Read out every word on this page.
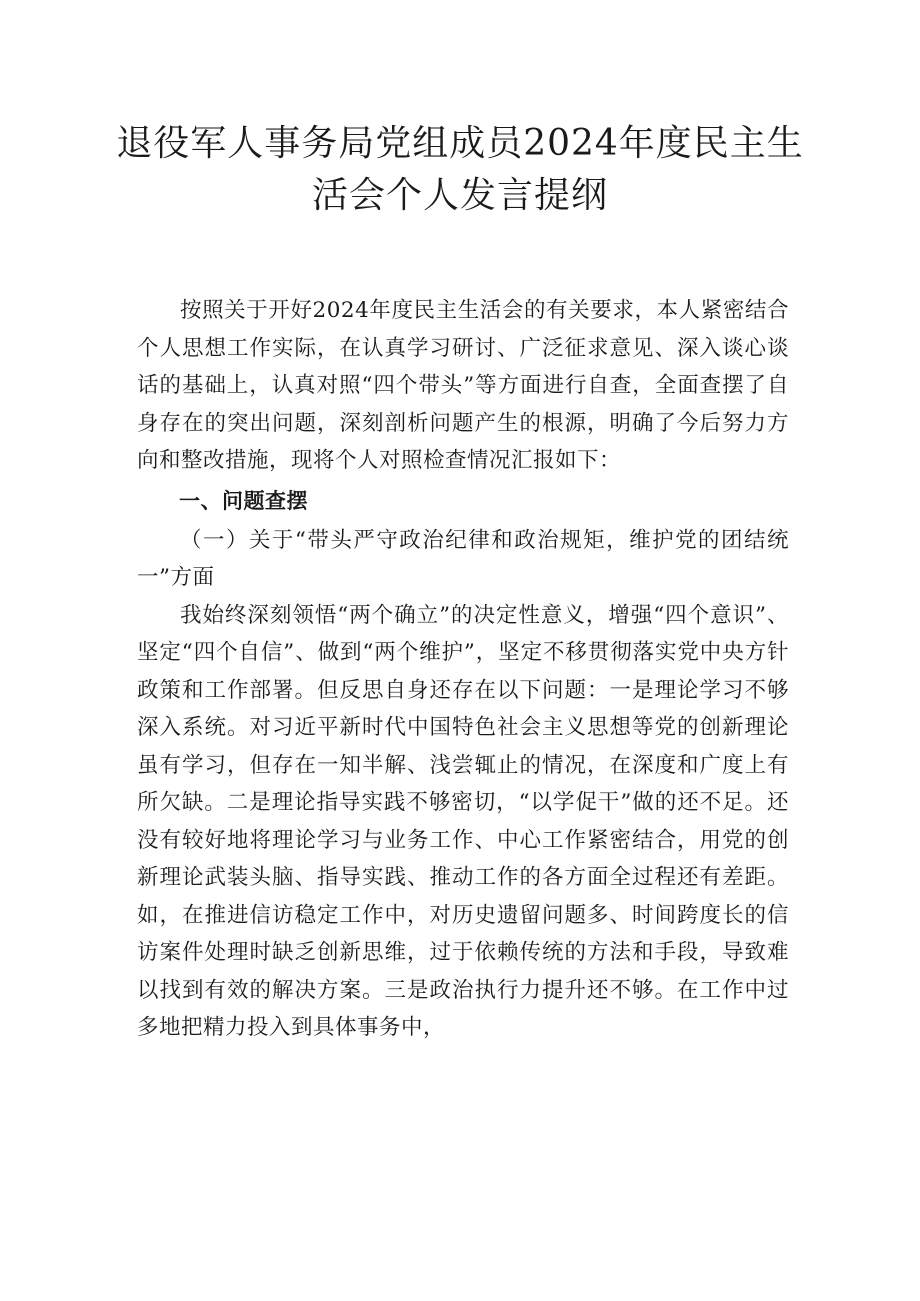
退役军人事务局党组成员2024年度民主生
活会个人发言提纲

按照关于开好2024年度民主生活会的有关要求，本人紧密结合个人思想工作实际，在认真学习研讨、广泛征求意见、深入谈心谈话的基础上，认真对照“四个带头”等方面进行自查，全面查摆了自身存在的突出问题，深刻剖析问题产生的根源，明确了今后努力方向和整改措施，现将个人对照检查情况汇报如下：

一、问题查摆

（一）关于“带头严守政治纪律和政治规矩，维护党的团结统一”方面

我始终深刻领悟“两个确立”的决定性意义，增强“四个意识”、坚定“四个自信”、做到“两个维护”，坚定不移贯彻落实党中央方针政策和工作部署。但反思自身还存在以下问题：一是理论学习不够深入系统。对习近平新时代中国特色社会主义思想等党的创新理论虽有学习，但存在一知半解、浅尝辄止的情况，在深度和广度上有所欠缺。二是理论指导实践不够密切，“以学促干”做的还不足。还没有较好地将理论学习与业务工作、中心工作紧密结合，用党的创新理论武装头脑、指导实践、推动工作的各方面全过程还有差距。如，在推进信访稳定工作中，对历史遗留问题多、时间跨度长的信访案件处理时缺乏创新思维，过于依赖传统的方法和手段，导致难以找到有效的解决方案。三是政治执行力提升还不够。在工作中过多地把精力投入到具体事务中，
